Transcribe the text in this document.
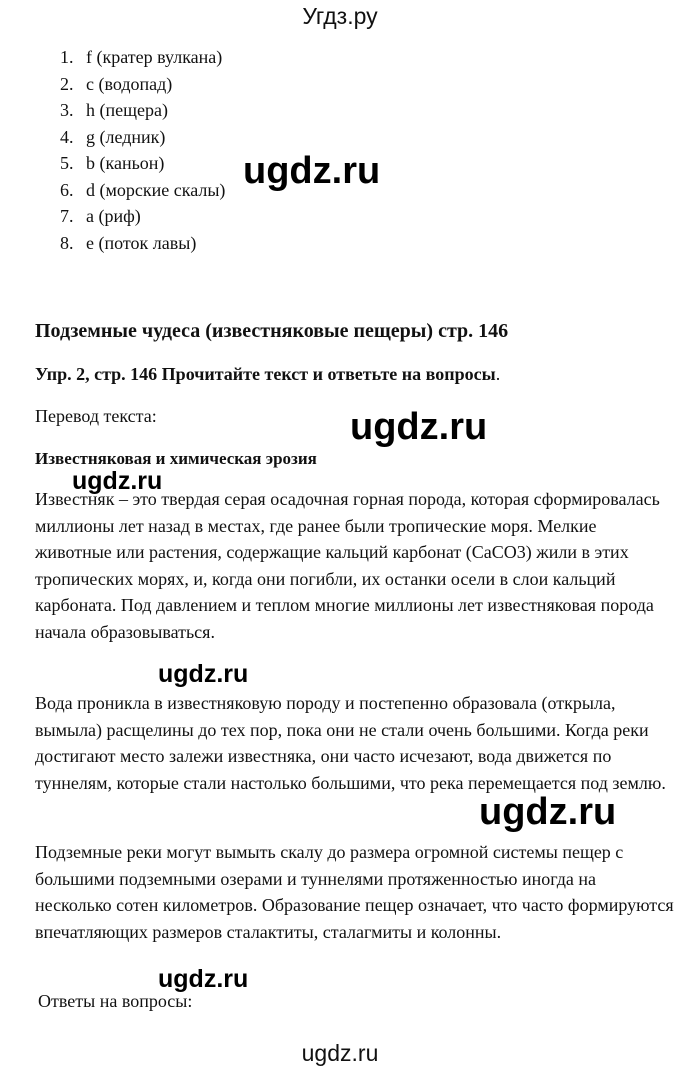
Угдз.ру
1. f (кратер вулкана)
2. c (водопад)
3. h (пещера)
4. g (ледник)
5. b (каньон)
6. d (морские скалы)
7. a (риф)
8. e (поток лавы)
Подземные чудеса (известняковые пещеры) стр. 146
Упр. 2, стр. 146 Прочитайте текст и ответьте на вопросы.
Перевод текста:
Известняковая и химическая эрозия

Известняк – это твердая серая осадочная горная порода, которая сформировалась миллионы лет назад в местах, где ранее были тропические моря. Мелкие животные или растения, содержащие кальций карбонат (CaCO3) жили в этих тропических морях, и, когда они погибли, их останки осели в слои кальций карбоната. Под давлением и теплом многие миллионы лет известняковая порода начала образовываться.

Вода проникла в известняковую породу и постепенно образовала (открыла, вымыла) расщелины до тех пор, пока они не стали очень большими. Когда реки достигают место залежи известняка, они часто исчезают, вода движется по туннелям, которые стали настолько большими, что река перемещается под землю.

Подземные реки могут вымыть скалу до размера огромной системы пещер с большими подземными озерами и туннелями протяженностью иногда на несколько сотен километров. Образование пещер означает, что часто формируются впечатляющих размеров сталактиты, сталагмиты и колонны.

Ответы на вопросы:
ugdz.ru
ugdz.ru
ugdz.ru
ugdz.ru
ugdz.ru
ugdz.ru
ugdz.ru
